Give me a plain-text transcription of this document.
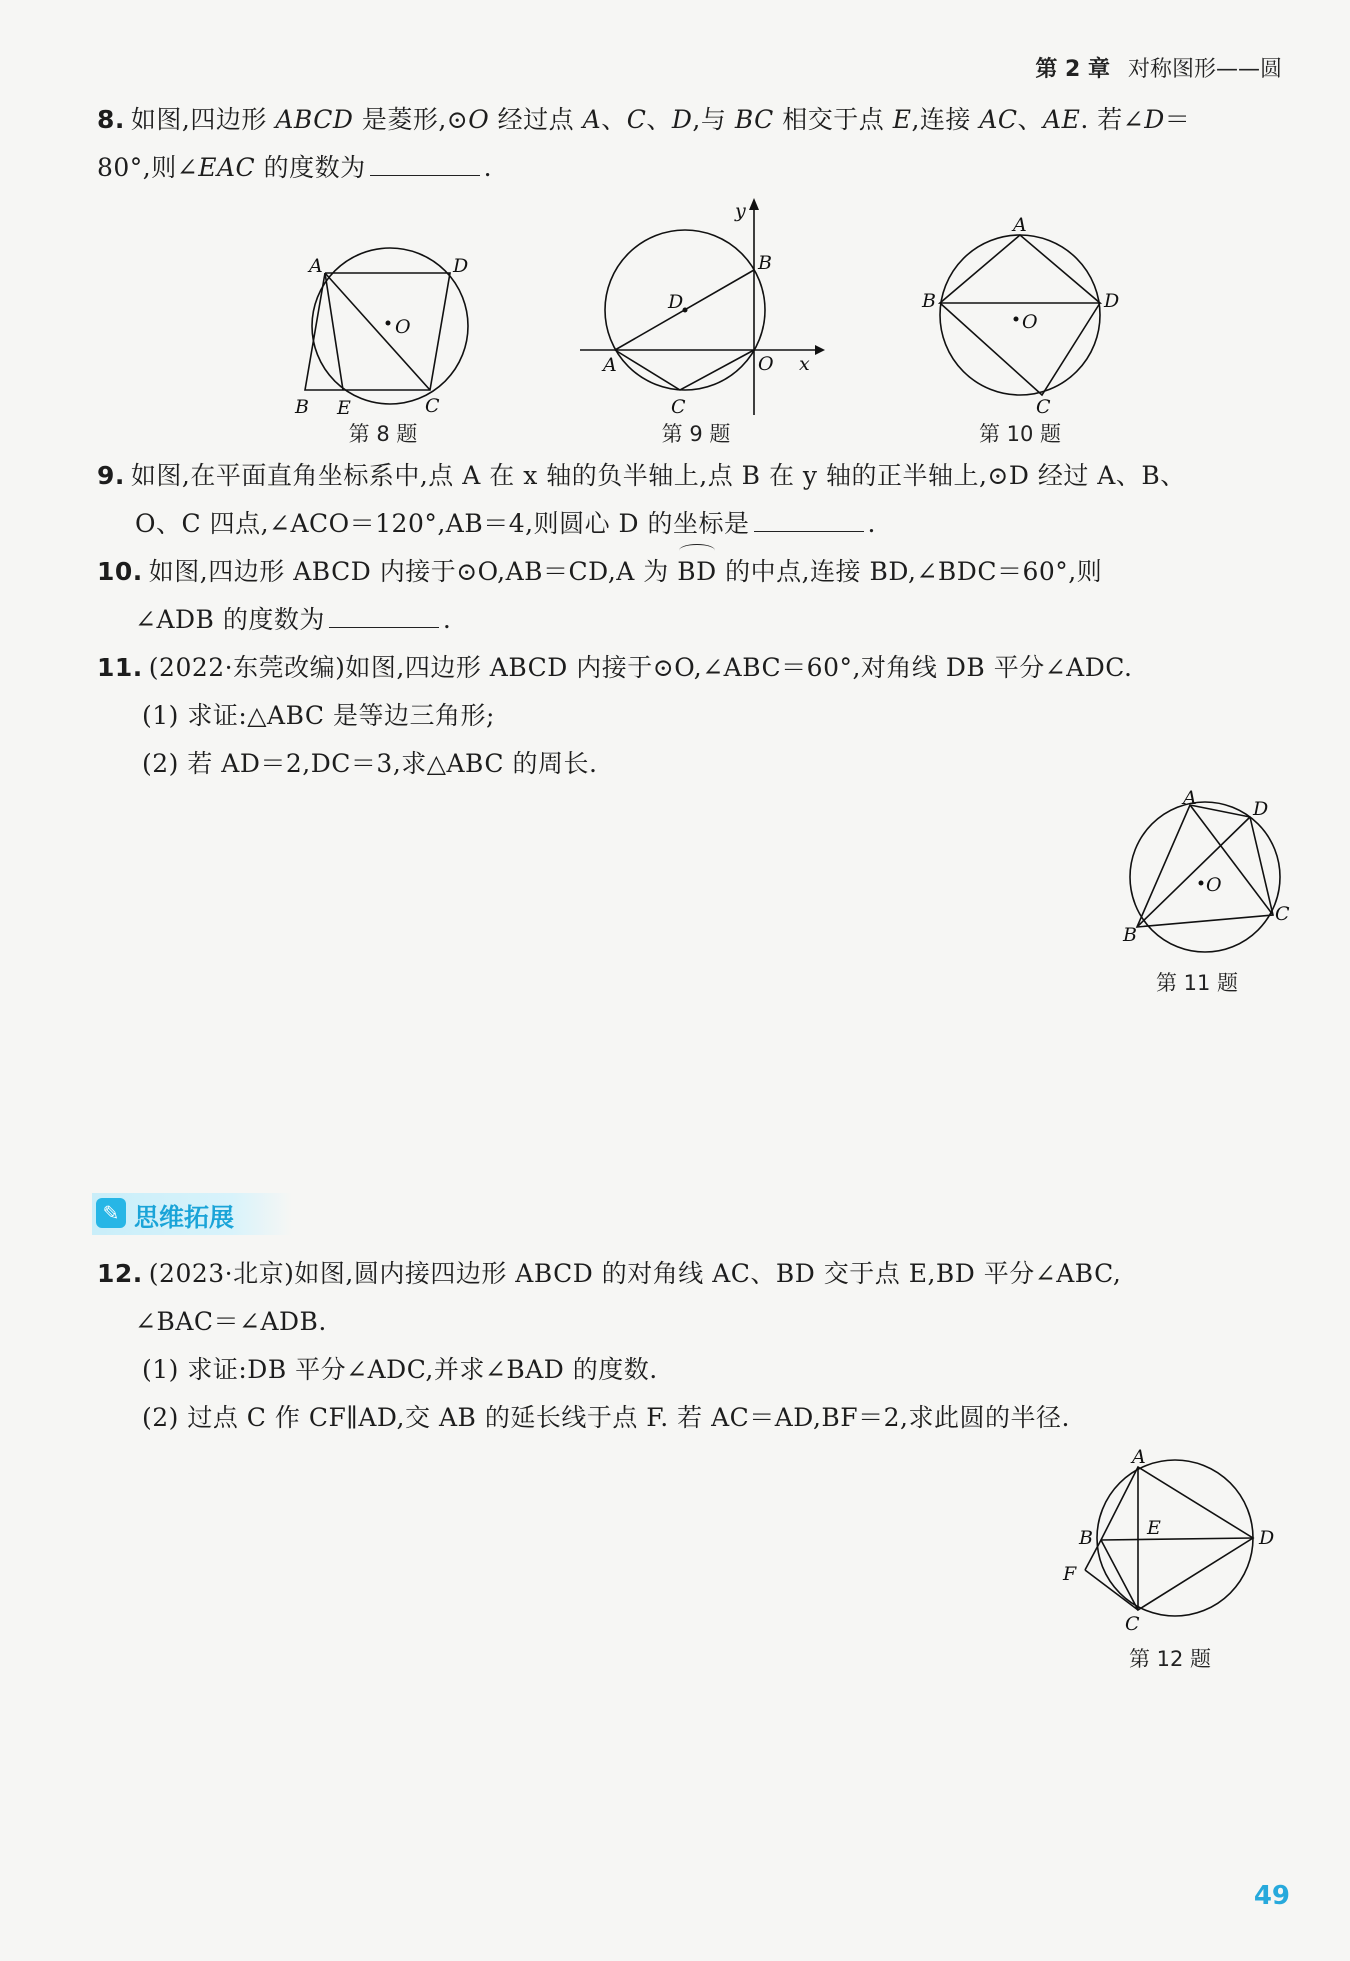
第 2 章 对称图形——圆
8. 如图,四边形 ABCD 是菱形,⊙O 经过点 A、C、D,与 BC 相交于点 E,连接 AC、AE. 若∠D＝
80°,则∠EAC 的度数为	.
O
A	D
B E	C
第 8 题
D
B
A	O x
y
C
第 9 题
O
A
B	D
C
第 10 题
9. 如图,在平面直角坐标系中,点 A 在 x 轴的负半轴上,点 B 在 y 轴的正半轴上,⊙D 经过 A、B、
O、C 四点,∠ACO＝120°,AB＝4,则圆心 D 的坐标是	.
10. 如图,四边形 ABCD 内接于⊙O,AB＝CD,A 为 BD 的中点,连接 BD,∠BDC＝60°,则
∠ADB 的度数为	.
11. (2022·东莞改编)如图,四边形 ABCD 内接于⊙O,∠ABC＝60°,对角线 DB 平分∠ADC.
(1) 求证:△ABC 是等边三角形;
(2) 若 AD＝2,DC＝3,求△ABC 的周长.
O
A	D
C
B
第 11 题
✎ 思维拓展
12. (2023·北京)如图,圆内接四边形 ABCD 的对角线 AC、BD 交于点 E,BD 平分∠ABC,
∠BAC＝∠ADB.
(1) 求证:DB 平分∠ADC,并求∠BAD 的度数.
(2) 过点 C 作 CF∥AD,交 AB 的延长线于点 F. 若 AC＝AD,BF＝2,求此圆的半径.
A
B	E	D
F
C
第 12 题
49
